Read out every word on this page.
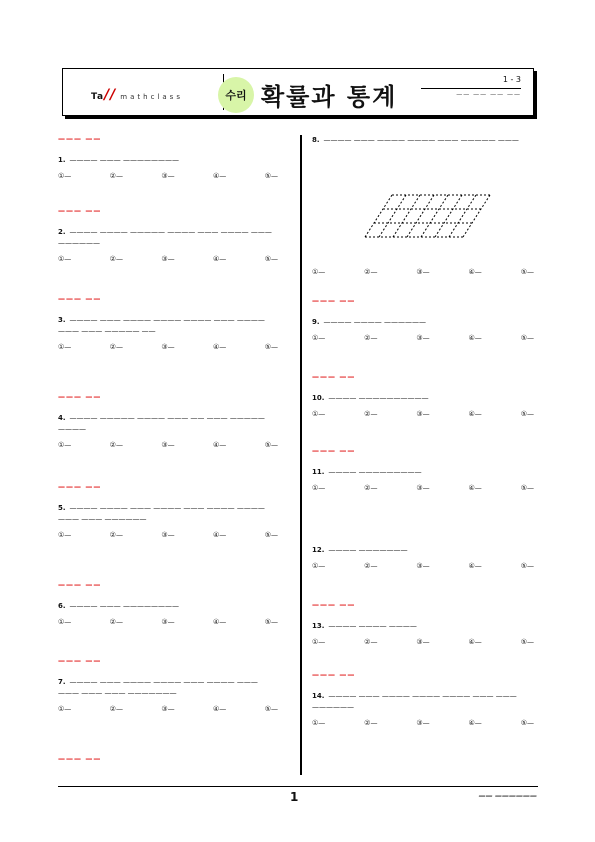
Ta// mathclass	수리 확률과 통계
1 - 3
—— —— —— ——
——— ——
1. ———— ——— ————————
①—	②—	③—	④—	⑤—
——— ——
2. ———— ———— ————— ———— ——— ———— ——— ——————
①—	②—	③—	④—	⑤—
——— ——
3. ———— ——— ———— ———— ———— ——— ———— ——— ——— ————— ——
①—	②—	③—	④—	⑤—
——— ——
4. ———— ————— ———— ——— —— ——— ————— ————
①—	②—	③—	④—	⑤—
——— ——
5. ———— ———— ——— ———— ——— ———— ———— ——— ——— ——————
①—	②—	③—	④—	⑤—
——— ——
6. ———— ——— ————————
①—	②—	③—	④—	⑤—
——— ——
7. ———— ——— ———— ———— ——— ———— ——— ——— ——— ——— ———————
①—	②—	③—	④—	⑤—
——— ——
8. ———— ——— ———— ———— ——— ————— ———
①—	②—	③—	④—	⑤—
——— ——
9. ———— ———— ——————
①—	②—	③—	④—	⑤—
——— ——
10. ———— ——————————
①—	②—	③—	④—	⑤—
——— ——
11. ———— —————————
①—	②—	③—	④—	⑤—
12. ———— ———————
①—	②—	③—	④—	⑤—
——— ——
13. ———— ———— ————
①—	②—	③—	④—	⑤—
——— ——
14. ———— ——— ———— ———— ———— ——— ——— ——————
①—	②—	③—	④—	⑤—
1	—— ——————
